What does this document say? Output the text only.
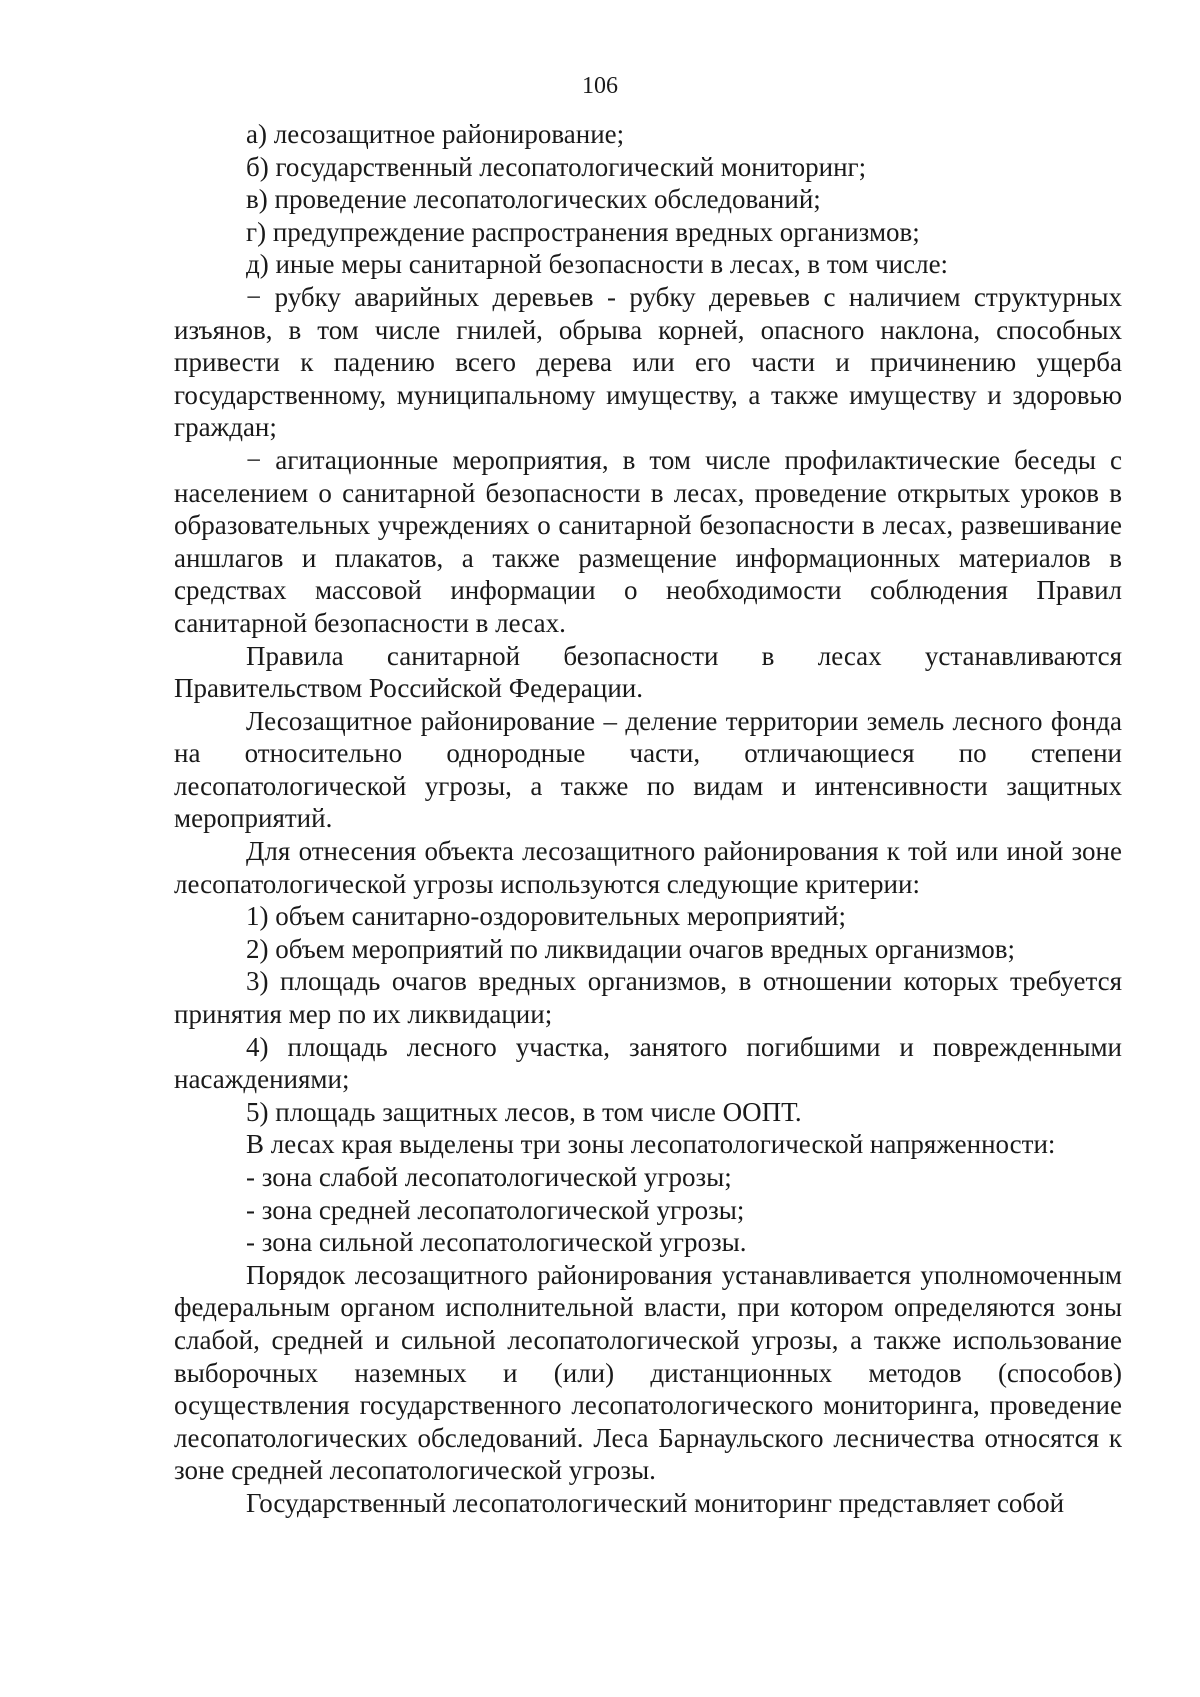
106

а) лесозащитное районирование;

б) государственный лесопатологический мониторинг;

в) проведение лесопатологических обследований;

г) предупреждение распространения вредных организмов;

д) иные меры санитарной безопасности в лесах, в том числе:

− рубку аварийных деревьев - рубку деревьев с наличием структурных изъянов, в том числе гнилей, обрыва корней, опасного наклона, способных привести к падению всего дерева или его части и причинению ущерба государственному, муниципальному имуществу, а также имуществу и здоровью граждан;

− агитационные мероприятия, в том числе профилактические беседы с населением о санитарной безопасности в лесах, проведение открытых уроков в образовательных учреждениях о санитарной безопасности в лесах, развешивание аншлагов и плакатов, а также размещение информационных материалов в средствах массовой информации о необходимости соблюдения Правил санитарной безопасности в лесах.

Правила санитарной безопасности в лесах устанавливаются Правительством Российской Федерации.

Лесозащитное районирование – деление территории земель лесного фонда на относительно однородные части, отличающиеся по степени лесопатологической угрозы, а также по видам и интенсивности защитных мероприятий.

Для отнесения объекта лесозащитного районирования к той или иной зоне лесопатологической угрозы используются следующие критерии:

1) объем санитарно-оздоровительных мероприятий;

2) объем мероприятий по ликвидации очагов вредных организмов;

3) площадь очагов вредных организмов, в отношении которых требуется принятия мер по их ликвидации;

4) площадь лесного участка, занятого погибшими и поврежденными насаждениями;

5) площадь защитных лесов, в том числе ООПТ.

В лесах края выделены три зоны лесопатологической напряженности:

- зона слабой лесопатологической угрозы;

- зона средней лесопатологической угрозы;

- зона сильной лесопатологической угрозы.

Порядок лесозащитного районирования устанавливается уполномоченным федеральным органом исполнительной власти, при котором определяются зоны слабой, средней и сильной лесопатологической угрозы, а также использование выборочных наземных и (или) дистанционных методов (способов) осуществления государственного лесопатологического мониторинга, проведение лесопатологических обследований. Леса Барнаульского лесничества относятся к зоне средней лесопатологической угрозы.

Государственный лесопатологический мониторинг представляет собой
